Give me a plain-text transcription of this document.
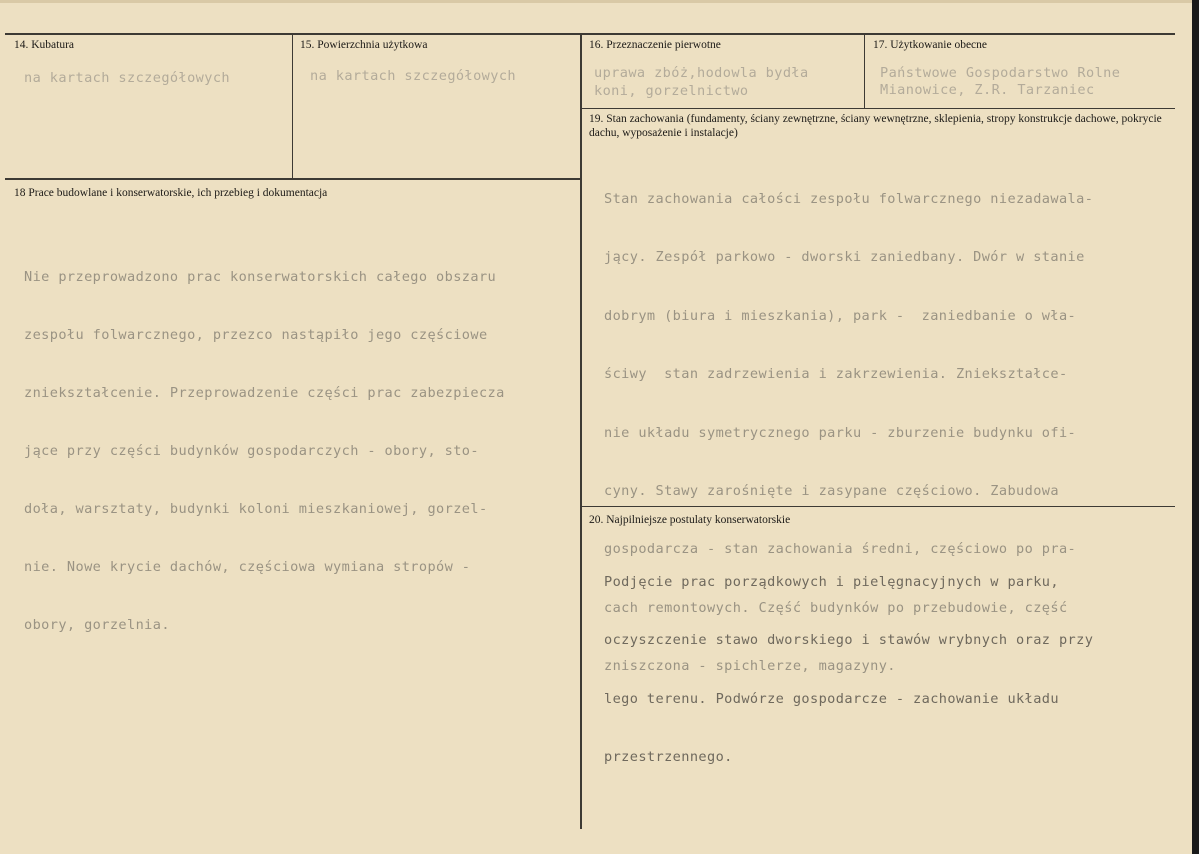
14. Kubatura
na kartach szczegółowych
15. Powierzchnia użytkowa
na kartach szczegółowych
16. Przeznaczenie pierwotne
uprawa zbóż,hodowla bydła
koni, gorzelnictwo
17. Użytkowanie obecne
Państwowe Gospodarstwo Rolne
Mianowice, Z.R. Tarzaniec
19. Stan zachowania (fundamenty, ściany zewnętrzne, ściany wewnętrzne, sklepienia, stropy konstrukcje dachowe, pokrycie dachu, wyposażenie i instalacje)

Stan zachowania całości zespołu folwarcznego niezadawala-

jący. Zespół parkowo - dworski zaniedbany. Dwór w stanie

dobrym (biura i mieszkania), park -  zaniedbanie o wła-

ściwy  stan zadrzewienia i zakrzewienia. Zniekształce-

nie układu symetrycznego parku - zburzenie budynku ofi-

cyny. Stawy zarośnięte i zasypane częściowo. Zabudowa

gospodarcza - stan zachowania średni, częściowo po pra-

cach remontowych. Część budynków po przebudowie, część

zniszczona - spichlerze, magazyny.

18 Prace budowlane i konserwatorskie, ich przebieg i dokumentacja

Nie przeprowadzono prac konserwatorskich całego obszaru

zespołu folwarcznego, przezco nastąpiło jego częściowe

zniekształcenie. Przeprowadzenie części prac zabezpiecza

jące przy części budynków gospodarczych - obory, sto-

doła, warsztaty, budynki koloni mieszkaniowej, gorzel-

nie. Nowe krycie dachów, częściowa wymiana stropów -

obory, gorzelnia.

20. Najpilniejsze postulaty konserwatorskie

Podjęcie prac porządkowych i pielęgnacyjnych w parku,

oczyszczenie stawo dworskiego i stawów wrybnych oraz przy

lego terenu. Podwórze gospodarcze - zachowanie układu

przestrzennego.
